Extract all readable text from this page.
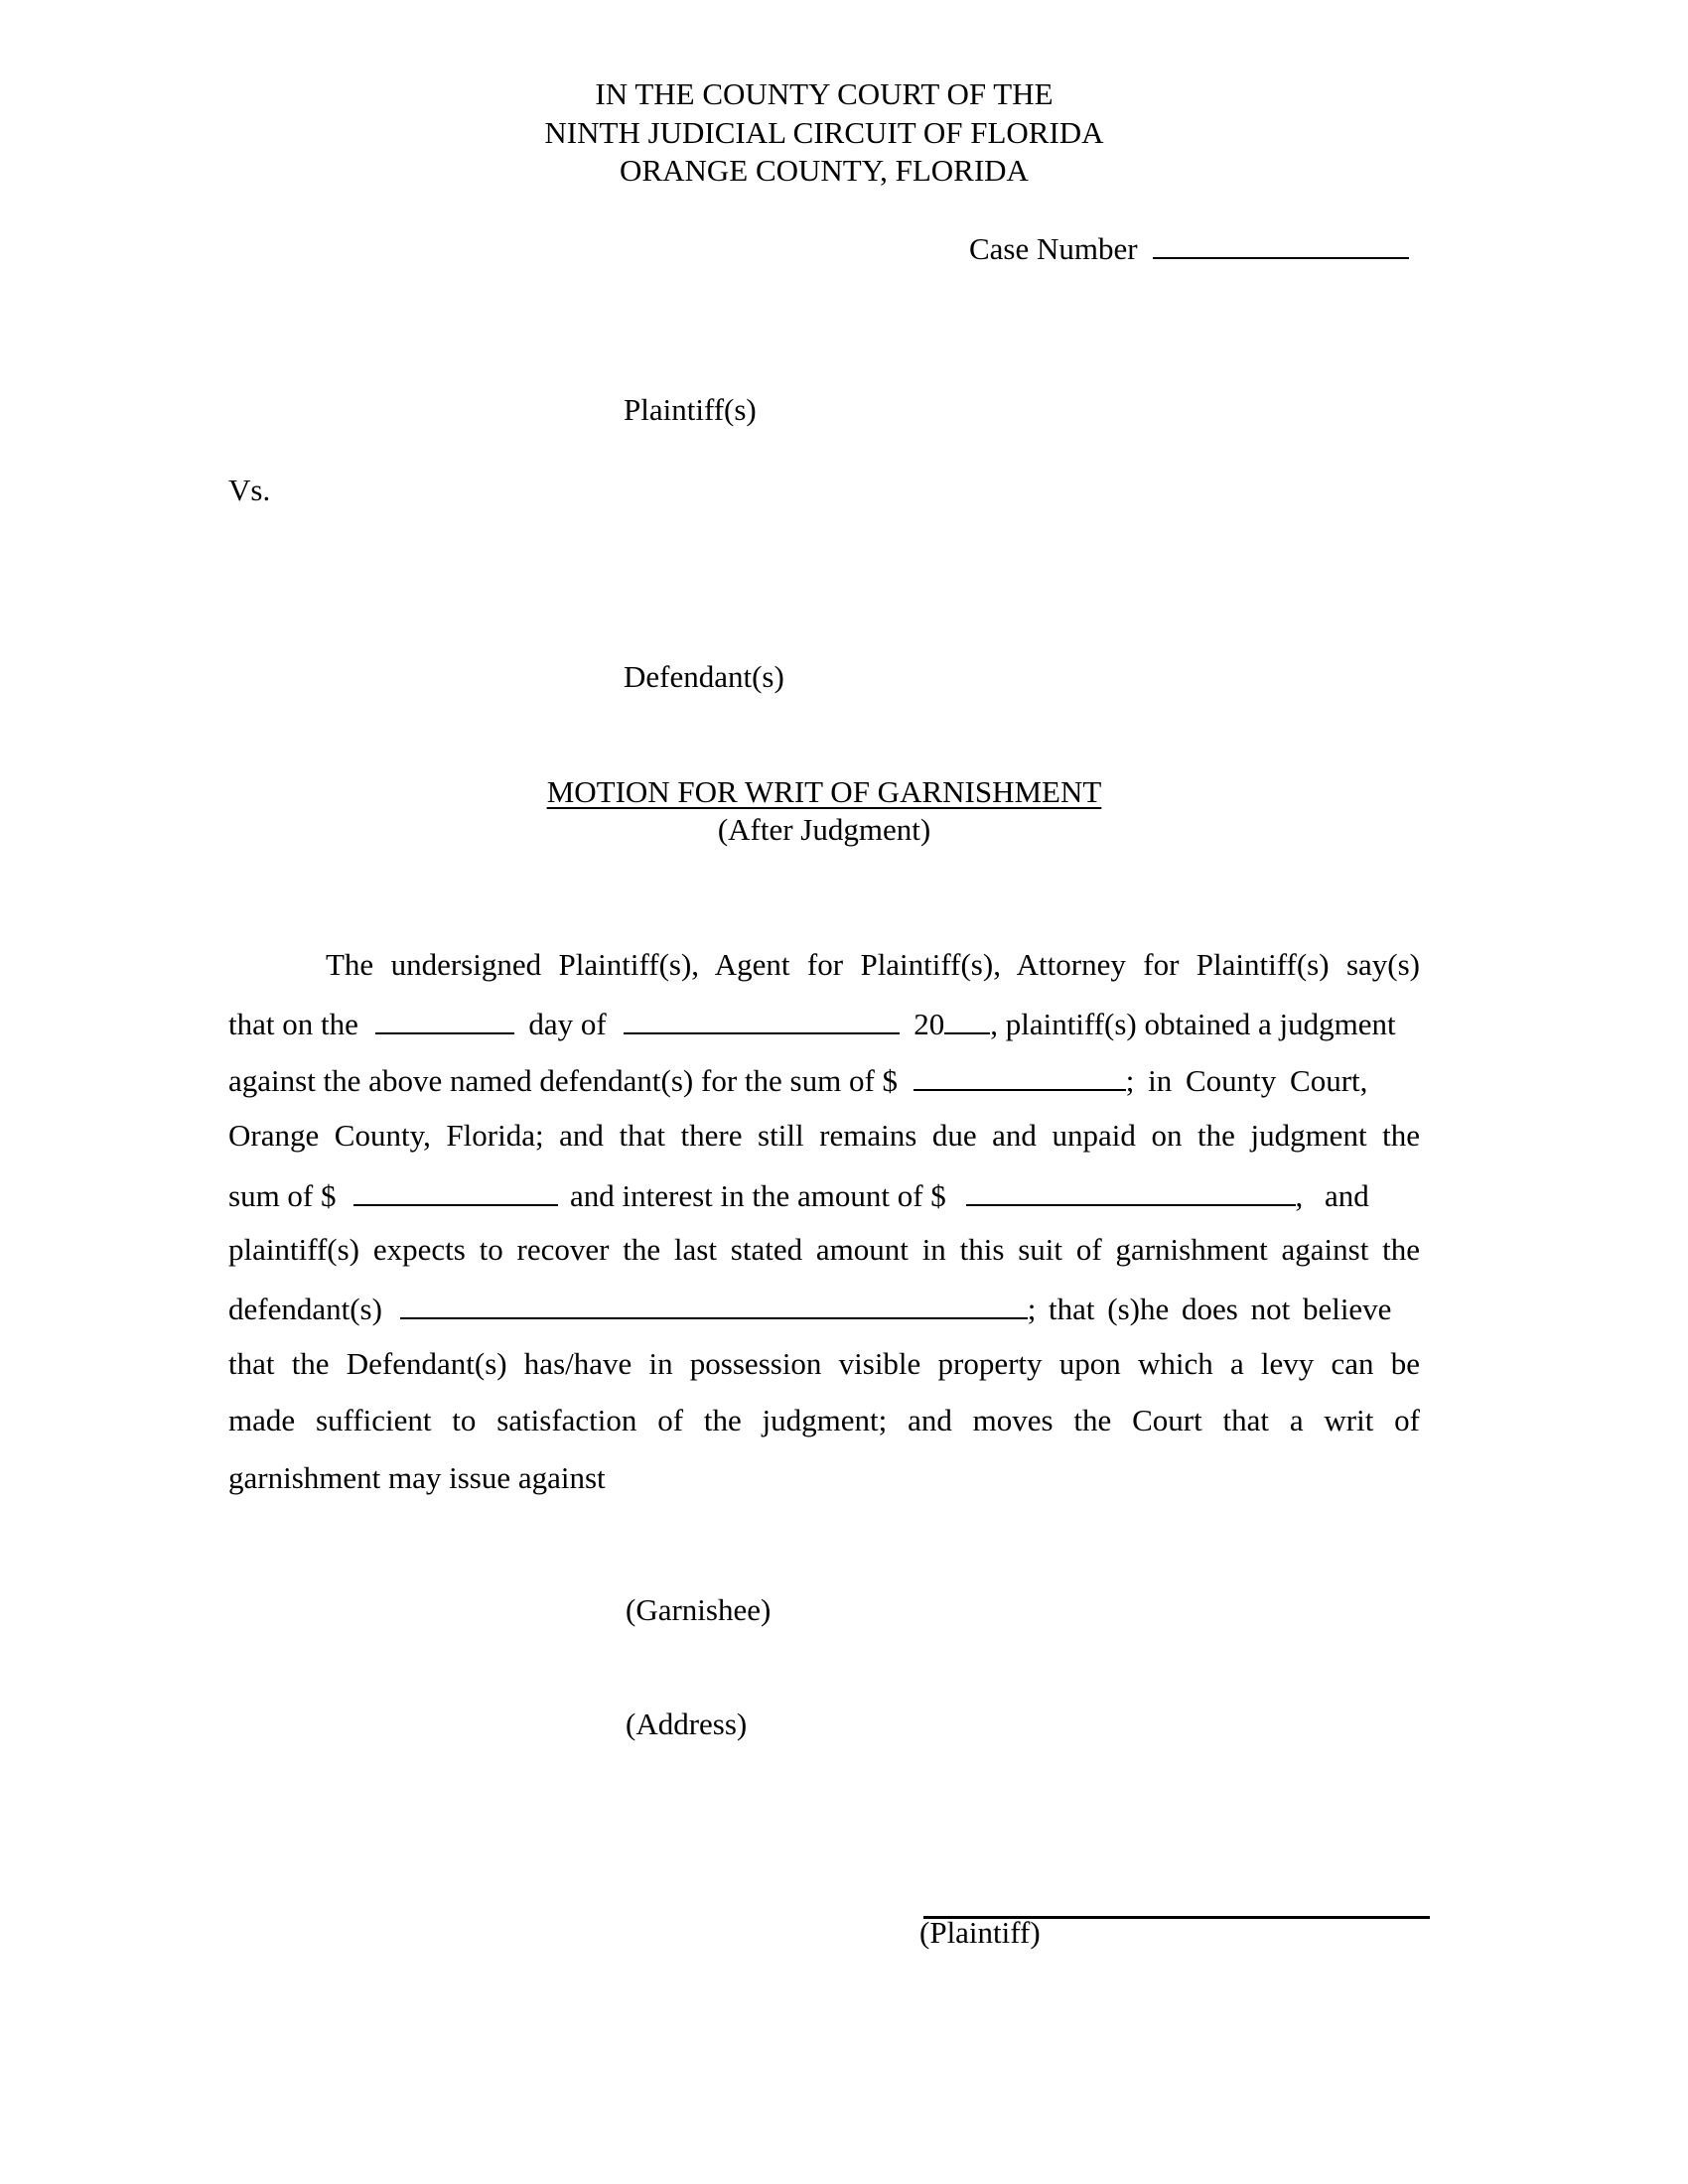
IN THE COUNTY COURT OF THE
NINTH JUDICIAL CIRCUIT OF FLORIDA
ORANGE COUNTY, FLORIDA
Case Number
Plaintiff(s)
Vs.
Defendant(s)
MOTION FOR WRIT OF GARNISHMENT
(After Judgment)
The undersigned Plaintiff(s), Agent for Plaintiff(s), Attorney for Plaintiff(s) say(s)
that on the	day of	20 , plaintiff(s) obtained a judgment
against the above named defendant(s) for the sum of $	; in County Court,
Orange County, Florida; and that there still remains due and unpaid on the judgment the
sum of $	and interest in the amount of $	, and
plaintiff(s) expects to recover the last stated amount in this suit of garnishment against the
defendant(s)	; that (s)he does not believe
that the Defendant(s) has/have in possession visible property upon which a levy can be
made sufficient to satisfaction of the judgment; and moves the Court that a writ of
garnishment may issue against
(Garnishee)
(Address)
(Plaintiff)
